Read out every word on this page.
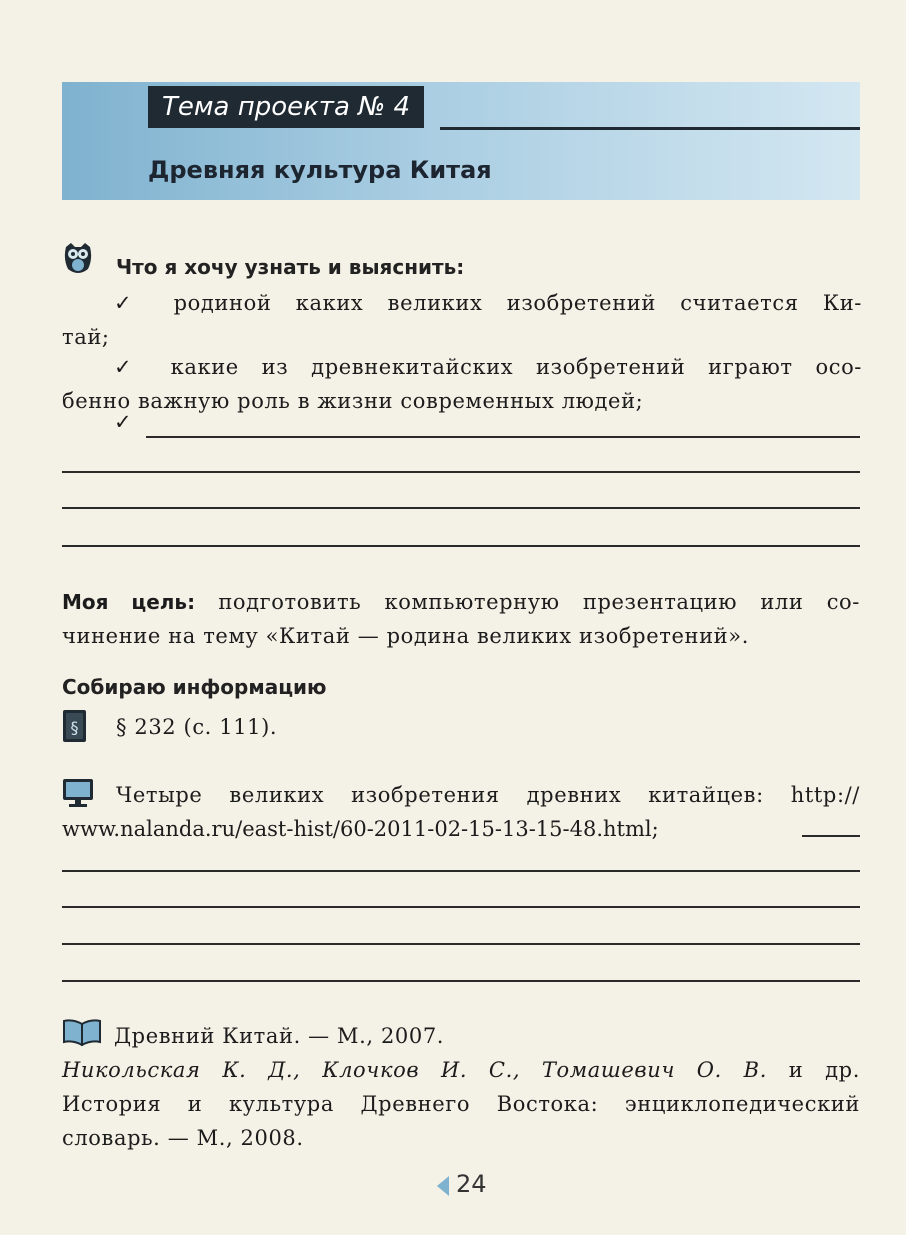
Тема проекта № 4
Древняя культура Китая
Что я хочу узнать и выяснить:
✓ родиной каких великих изобретений считается Ки-
тай;
✓ какие из древнекитайских изобретений играют осо-
бенно важную роль в жизни современных людей;
✓
Моя цель: подготовить компьютерную презентацию или со-
чинение на тему «Китай — родина великих изобретений».
Собираю информацию
§ § 232 (с. 111).
Четыре великих изобретения древних китайцев: http://
www.nalanda.ru/east-hist/60-2011-02-15-13-15-48.html;
Древний Китай. — М., 2007.
Никольская К. Д., Клочков И. С., Томашевич О. В. и др.
История и культура Древнего Востока: энциклопедический
словарь. — М., 2008.
24
